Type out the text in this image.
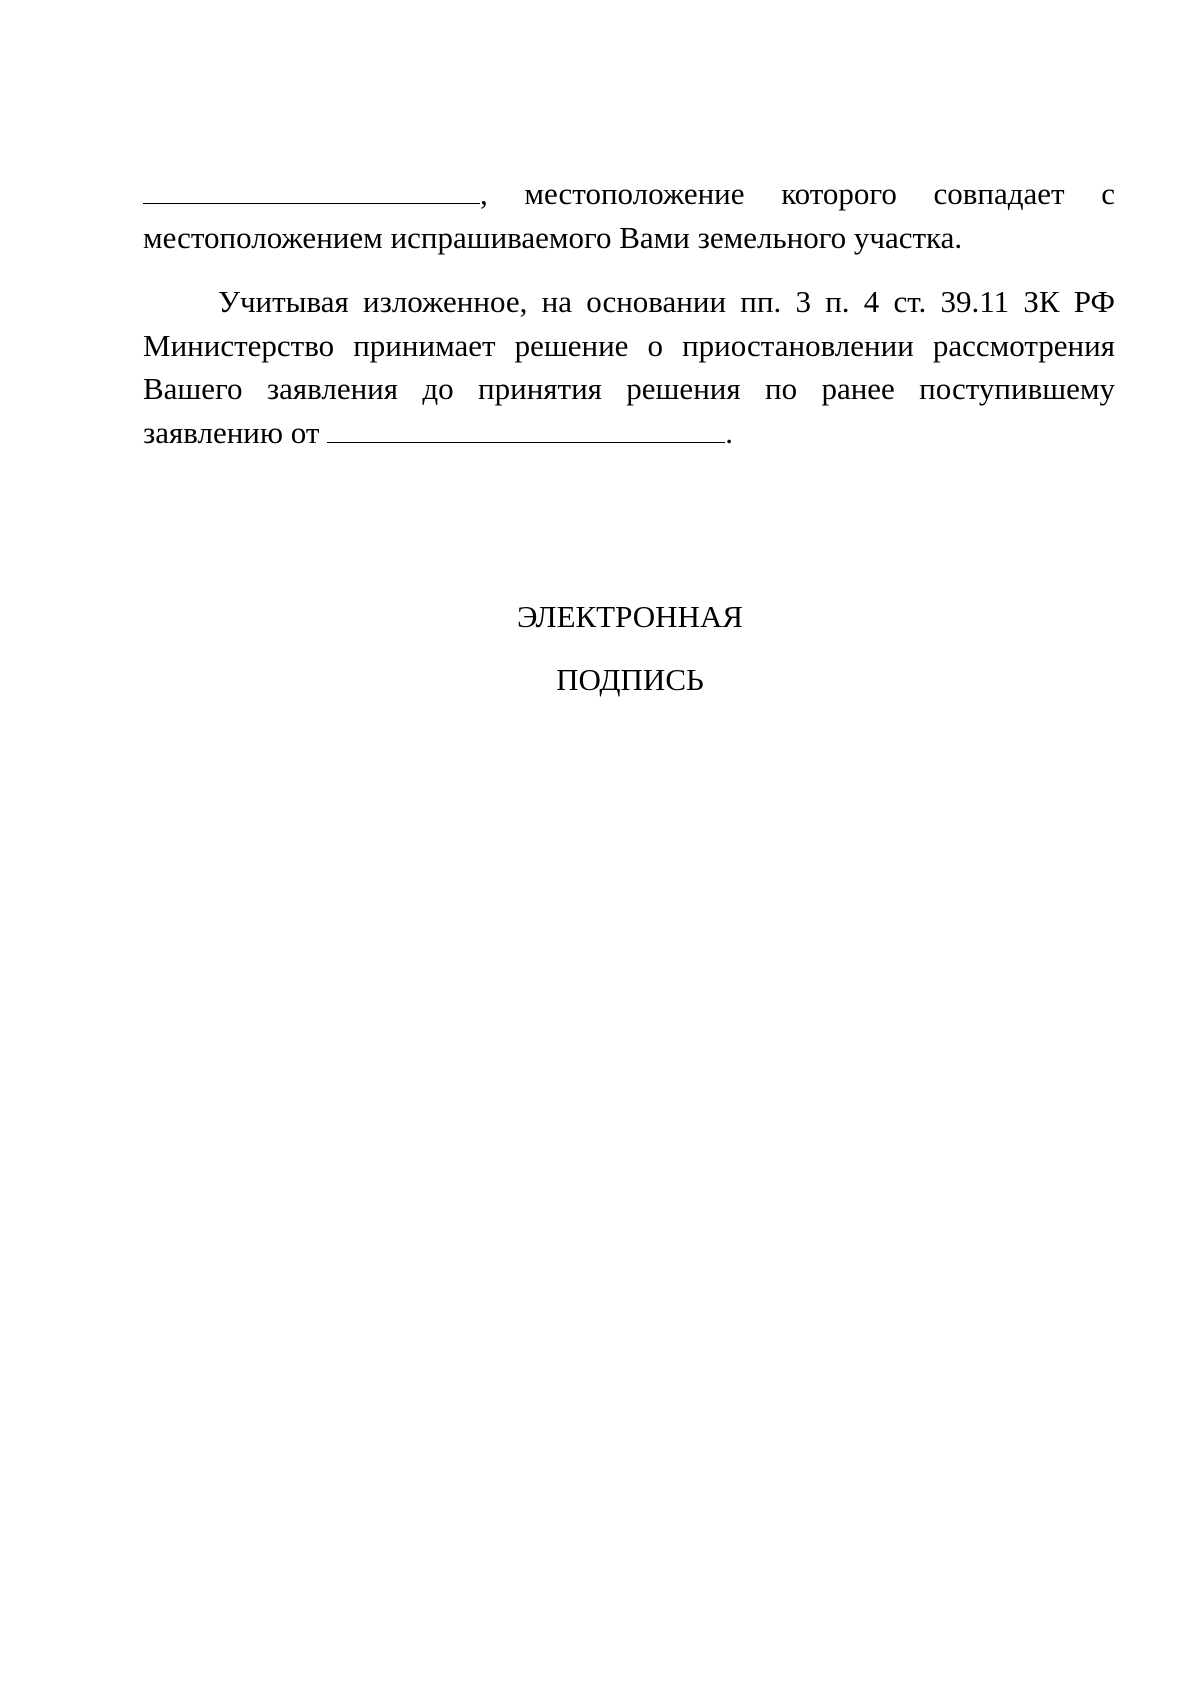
, местоположение которого совпадает с
местоположением испрашиваемого Вами земельного участка.
Учитывая изложенное, на основании пп. 3 п. 4 ст. 39.11 ЗК РФ
Министерство принимает решение о приостановлении рассмотрения
Вашего заявления до принятия решения по ранее поступившему
заявлению от	.
ЭЛЕКТРОННАЯ
ПОДПИСЬ
